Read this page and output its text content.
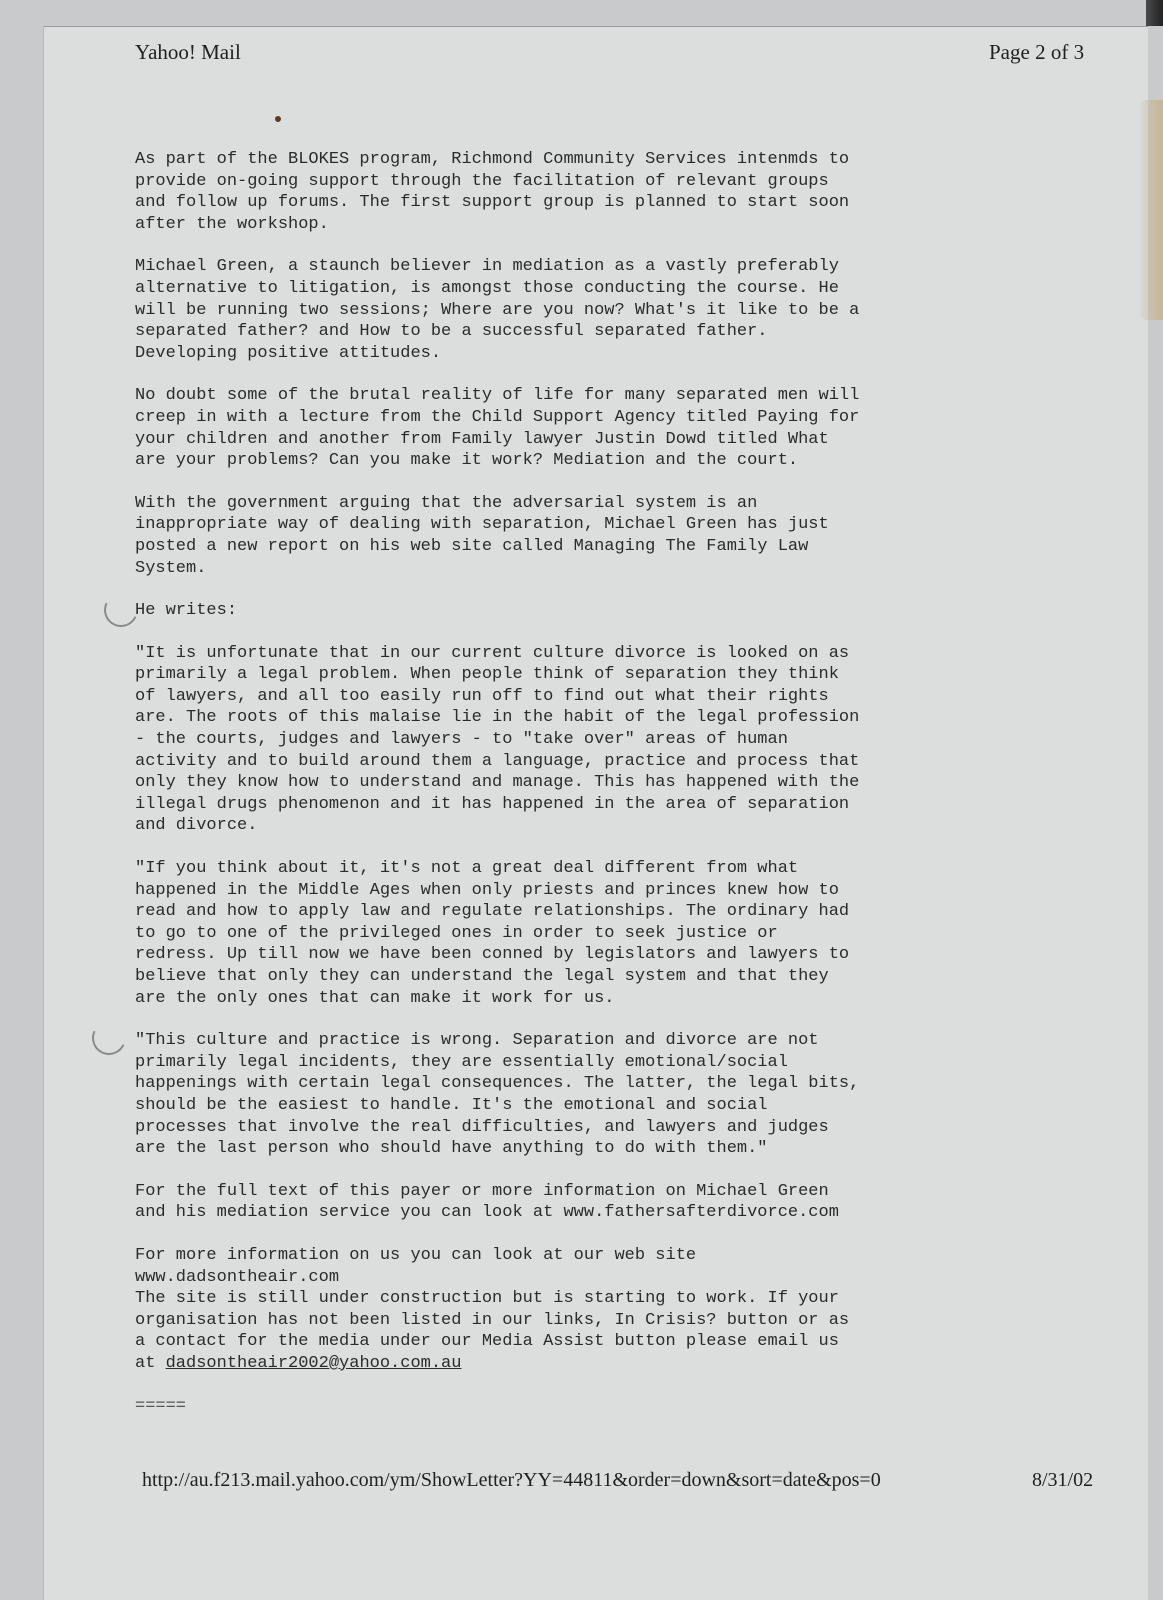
Yahoo! Mail	Page 2 of 3
As part of the BLOKES program, Richmond Community Services intenmds to
provide on-going support through the facilitation of relevant groups
and follow up forums. The first support group is planned to start soon
after the workshop.
Michael Green, a staunch believer in mediation as a vastly preferably
alternative to litigation, is amongst those conducting the course. He
will be running two sessions; Where are you now? What's it like to be a
separated father? and How to be a successful separated father.
Developing positive attitudes.
No doubt some of the brutal reality of life for many separated men will
creep in with a lecture from the Child Support Agency titled Paying for
your children and another from Family lawyer Justin Dowd titled What
are your problems? Can you make it work? Mediation and the court.
With the government arguing that the adversarial system is an
inappropriate way of dealing with separation, Michael Green has just
posted a new report on his web site called Managing The Family Law
System.
He writes:
"It is unfortunate that in our current culture divorce is looked on as
primarily a legal problem. When people think of separation they think
of lawyers, and all too easily run off to find out what their rights
are. The roots of this malaise lie in the habit of the legal profession
- the courts, judges and lawyers - to "take over" areas of human
activity and to build around them a language, practice and process that
only they know how to understand and manage. This has happened with the
illegal drugs phenomenon and it has happened in the area of separation
and divorce.
"If you think about it, it's not a great deal different from what
happened in the Middle Ages when only priests and princes knew how to
read and how to apply law and regulate relationships. The ordinary had
to go to one of the privileged ones in order to seek justice or
redress. Up till now we have been conned by legislators and lawyers to
believe that only they can understand the legal system and that they
are the only ones that can make it work for us.
"This culture and practice is wrong. Separation and divorce are not
primarily legal incidents, they are essentially emotional/social
happenings with certain legal consequences. The latter, the legal bits,
should be the easiest to handle. It's the emotional and social
processes that involve the real difficulties, and lawyers and judges
are the last person who should have anything to do with them."
For the full text of this payer or more information on Michael Green
and his mediation service you can look at www.fathersafterdivorce.com
For more information on us you can look at our web site
www.dadsontheair.com
The site is still under construction but is starting to work. If your
organisation has not been listed in our links, In Crisis? button or as
a contact for the media under our Media Assist button please email us
at dadsontheair2002@yahoo.com.au
=====
http://au.f213.mail.yahoo.com/ym/ShowLetter?YY=44811&order=down&sort=date&pos=0	8/31/02
